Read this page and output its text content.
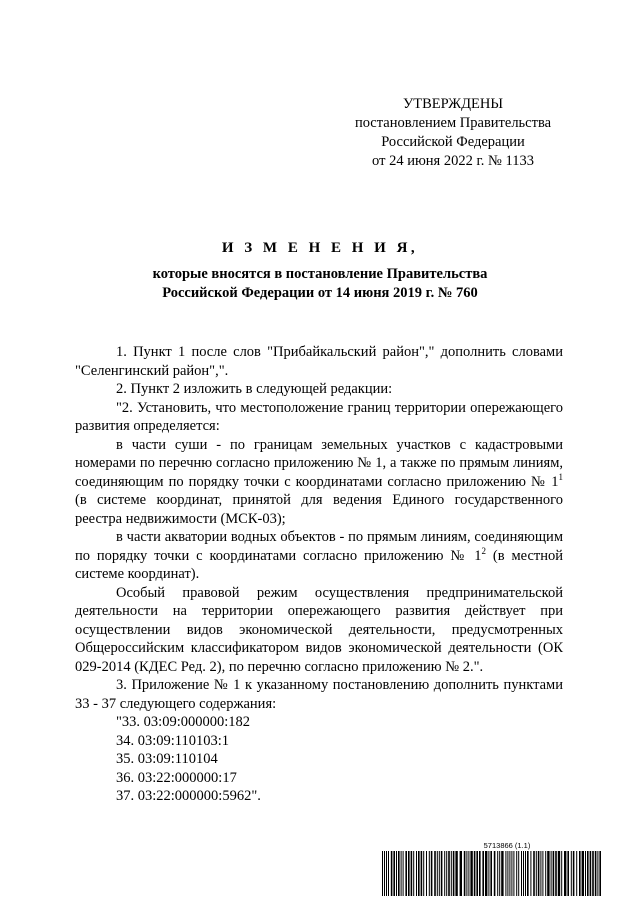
УТВЕРЖДЕНЫ
постановлением Правительства
Российской Федерации
от 24 июня 2022 г. № 1133
И З М Е Н Е Н И Я,
которые вносятся в постановление Правительства
Российской Федерации от 14 июня 2019 г. № 760

1. Пункт 1 после слов "Прибайкальский район"," дополнить словами "Селенгинский район",".

2. Пункт 2 изложить в следующей редакции:

"2. Установить, что местоположение границ территории опережающего развития определяется:

в части суши - по границам земельных участков с кадастровыми номерами по перечню согласно приложению № 1, а также по прямым линиям, соединяющим по порядку точки с координатами согласно приложению № $1^1$ (в системе координат, принятой для ведения Единого государственного реестра недвижимости (МСК-03);

в части акватории водных объектов - по прямым линиям, соединяющим по порядку точки с координатами согласно приложению № $1^2$ (в местной системе координат).

Особый правовой режим осуществления предпринимательской деятельности на территории опережающего развития действует при осуществлении видов экономической деятельности, предусмотренных Общероссийским классификатором видов экономической деятельности (ОК 029-2014 (КДЕС Ред. 2), по перечню согласно приложению № 2.".

3. Приложение № 1 к указанному постановлению дополнить пунктами 33 - 37 следующего содержания:

"33. 03:09:000000:182
34. 03:09:110103:1
35. 03:09:110104
36. 03:22:000000:17
37. 03:22:000000:5962".
5713866 (1.1)
